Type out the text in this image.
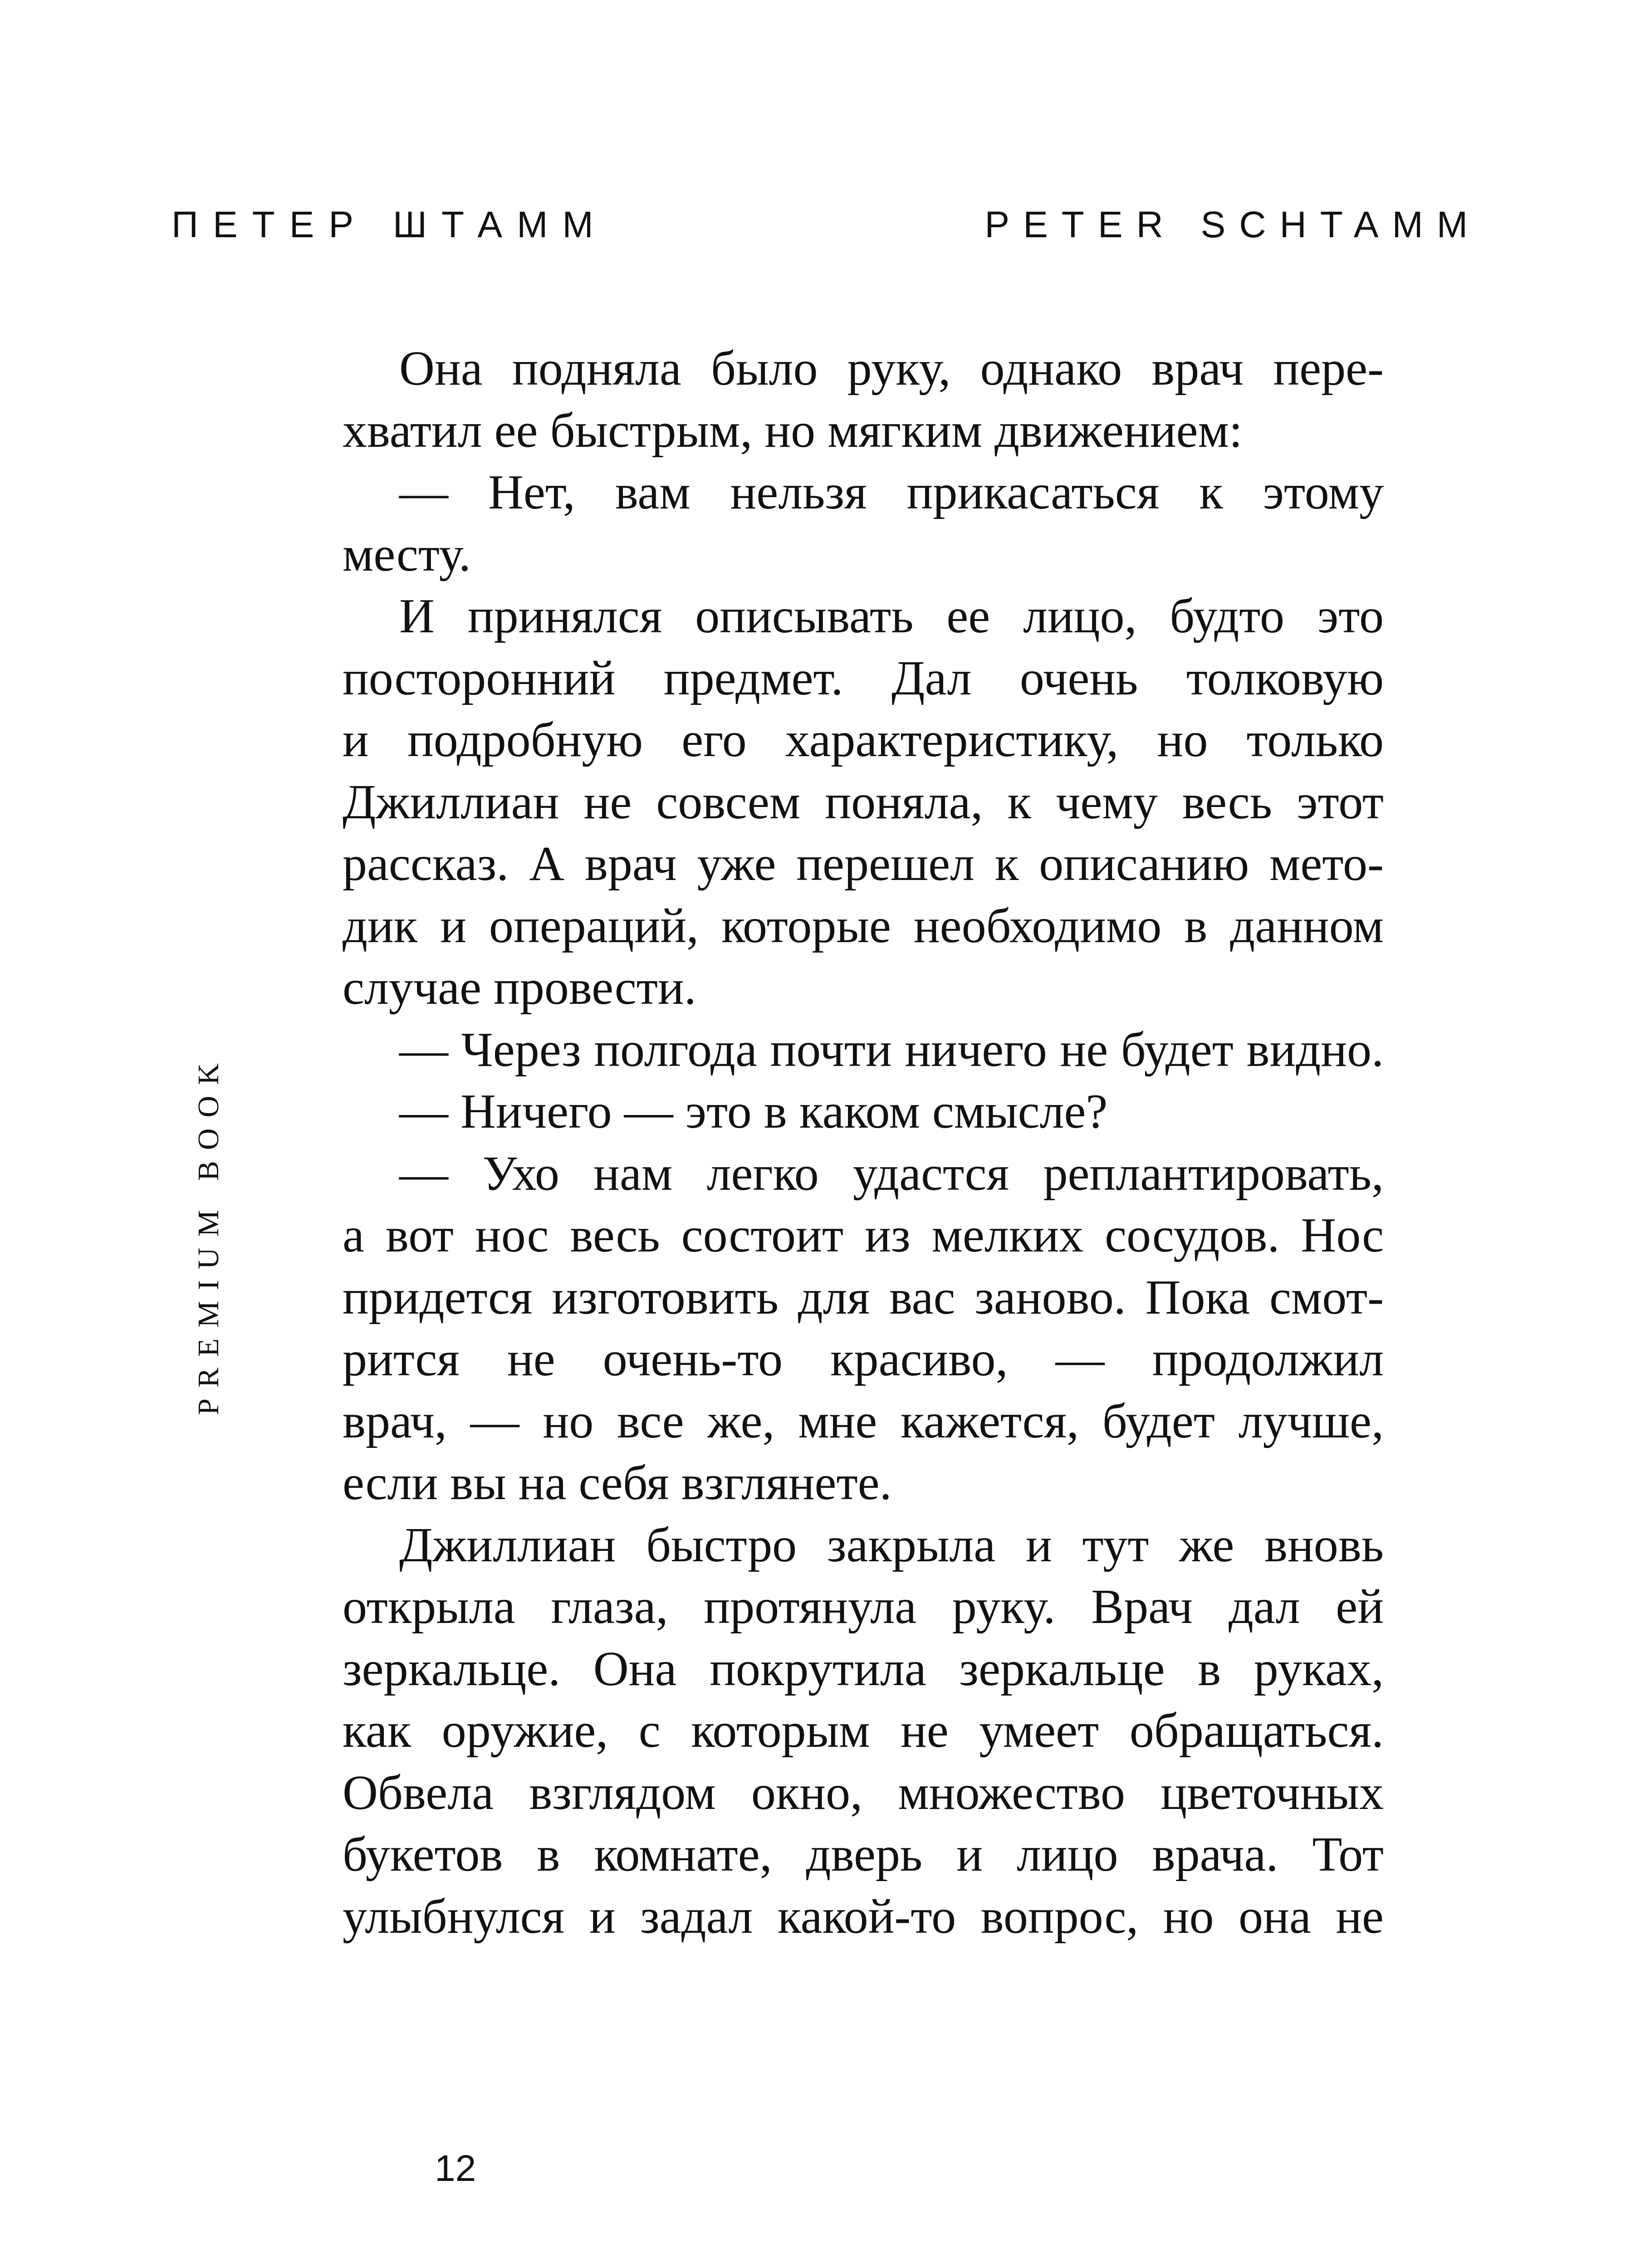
ПЕТЕР ШТАММ	PETER SCHTAMM
PREMIUM BOOK
Она подняла было руку, однако врач пере-
хватил ее быстрым, но мягким движением:
— Нет, вам нельзя прикасаться к этому
месту.
И принялся описывать ее лицо, будто это
посторонний предмет. Дал очень толковую
и подробную его характеристику, но только
Джиллиан не совсем поняла, к чему весь этот
рассказ. А врач уже перешел к описанию мето-
дик и операций, которые необходимо в данном
случае провести.
— Через полгода почти ничего не будет видно.
— Ничего — это в каком смысле?
— Ухо нам легко удастся реплантировать,
а вот нос весь состоит из мелких сосудов. Нос
придется изготовить для вас заново. Пока смот-
рится не очень-то красиво, — продолжил
врач, — но все же, мне кажется, будет лучше,
если вы на себя взглянете.
Джиллиан быстро закрыла и тут же вновь
открыла глаза, протянула руку. Врач дал ей
зеркальце. Она покрутила зеркальце в руках,
как оружие, с которым не умеет обращаться.
Обвела взглядом окно, множество цветочных
букетов в комнате, дверь и лицо врача. Тот
улыбнулся и задал какой-то вопрос, но она не
12
